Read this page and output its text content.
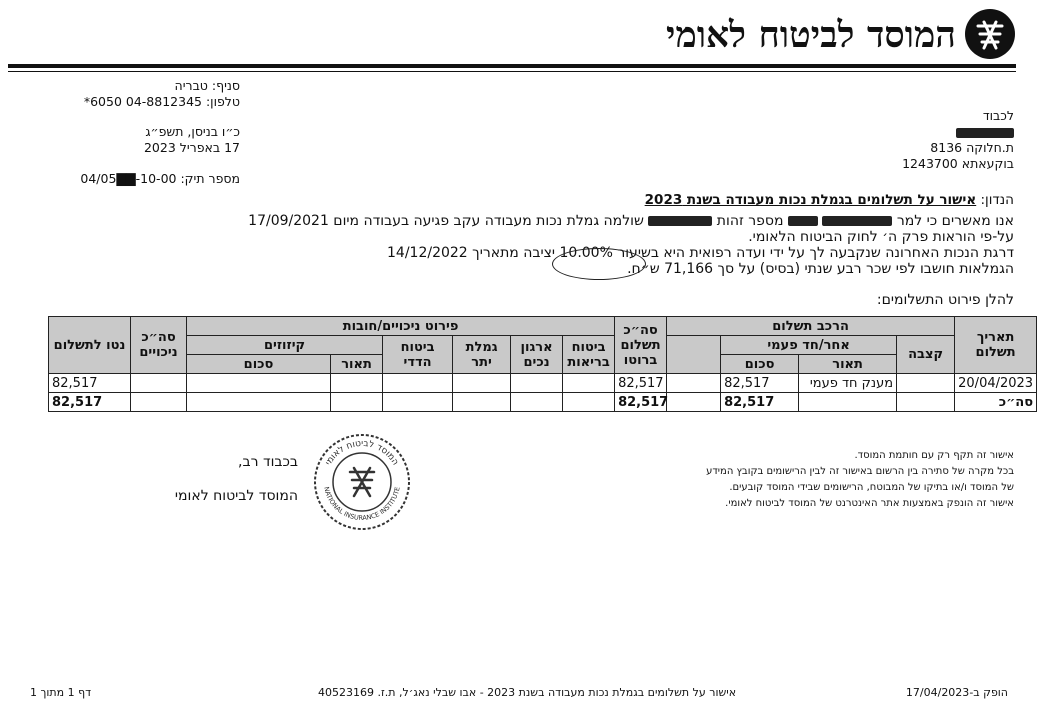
המוסד לביטוח לאומי
סניף: טבריה
טלפון: 04-8812345 6050*
כ״ו בניסן, תשפ״ג
17 באפריל 2023
מספר תיק: 10-00-▇▇04/05
לכבוד
ת.חלוקה 8136
בוקעאתא 1243700
הנדון: אישור על תשלומים בגמלת נכות מעבודה בשנת 2023
אנו מאשרים כי למר   מספר זהות  שולמה גמלת נכות מעבודה עקב פגיעה בעבודה מיום 17/09/2021
על-פי הוראות פרק ה׳ לחוק הביטוח הלאומי.
דרגת הנכות האחרונה שנקבעה לך על ידי ועדה רפואית היא בשיעור 10.00% יציבה מתאריך 14/12/2022
הגמלאות חושבו לפי שכר רבע שנתי (בסיס) על סך 71,166 ש״ח.
להלן פירוט התשלומים:
תאריך תשלום	הרכב תשלום				סה״כ תשלום ברוטו	פירוט ניכויים/חובות						סה״כ ניכויים	נטו לתשלום
	קצבה	אחר/חד פעמי				ביטוח בריאות	ארגון נכים	גמלת יתר	ביטוח הדדי	קיזוזים			
		תאור	סכום							תאור	סכום		
20/04/2023		מענק חד פעמי	82,517		82,517								82,517
סה״כ			82,517		82,517								82,517
המוסד לביטוח לאומי
NATIONAL INSURANCE INSTITUTE
בכבוד רב,
המוסד לביטוח לאומי
אישור זה תקף רק עם חותמת המוסד.
בכל מקרה של סתירה בין הרשום באישור זה לבין הרישומים בקובץ המידע
של המוסד ו/או בתיקו של המבוטח, הרישומים שבידי המוסד קובעים.
אישור זה הונפק באמצעות אתר האינטרנט של המוסד לביטוח לאומי.
דף 1 מתוך 1	אישור על תשלומים בגמלת נכות מעבודה בשנת 2023 - אבו שבלי נאג׳ל, ת.ז. 40523169	הופק ב-17/04/2023
